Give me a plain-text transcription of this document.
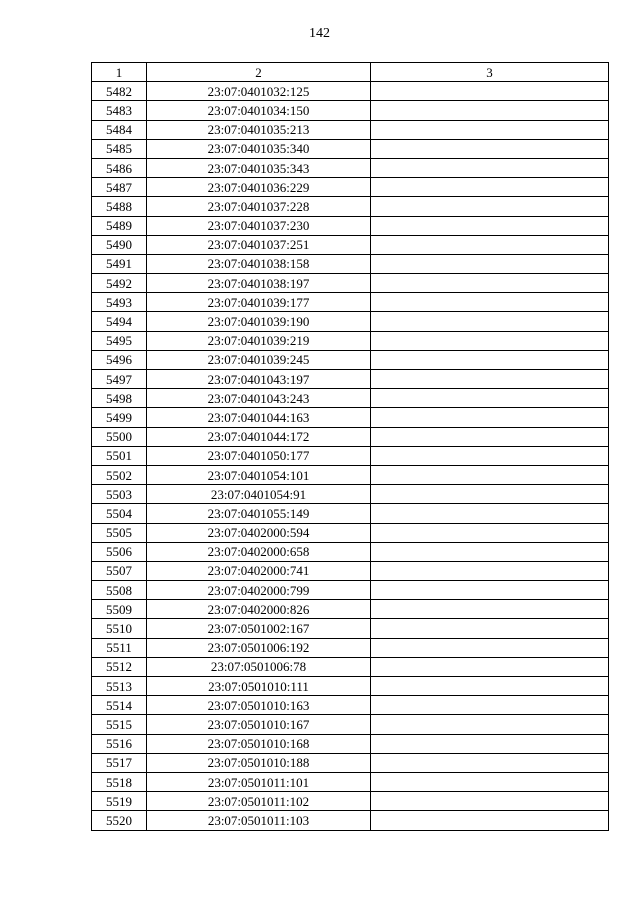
142
1	2	3
5482	23:07:0401032:125	
5483	23:07:0401034:150	
5484	23:07:0401035:213	
5485	23:07:0401035:340	
5486	23:07:0401035:343	
5487	23:07:0401036:229	
5488	23:07:0401037:228	
5489	23:07:0401037:230	
5490	23:07:0401037:251	
5491	23:07:0401038:158	
5492	23:07:0401038:197	
5493	23:07:0401039:177	
5494	23:07:0401039:190	
5495	23:07:0401039:219	
5496	23:07:0401039:245	
5497	23:07:0401043:197	
5498	23:07:0401043:243	
5499	23:07:0401044:163	
5500	23:07:0401044:172	
5501	23:07:0401050:177	
5502	23:07:0401054:101	
5503	23:07:0401054:91	
5504	23:07:0401055:149	
5505	23:07:0402000:594	
5506	23:07:0402000:658	
5507	23:07:0402000:741	
5508	23:07:0402000:799	
5509	23:07:0402000:826	
5510	23:07:0501002:167	
5511	23:07:0501006:192	
5512	23:07:0501006:78	
5513	23:07:0501010:111	
5514	23:07:0501010:163	
5515	23:07:0501010:167	
5516	23:07:0501010:168	
5517	23:07:0501010:188	
5518	23:07:0501011:101	
5519	23:07:0501011:102	
5520	23:07:0501011:103	
